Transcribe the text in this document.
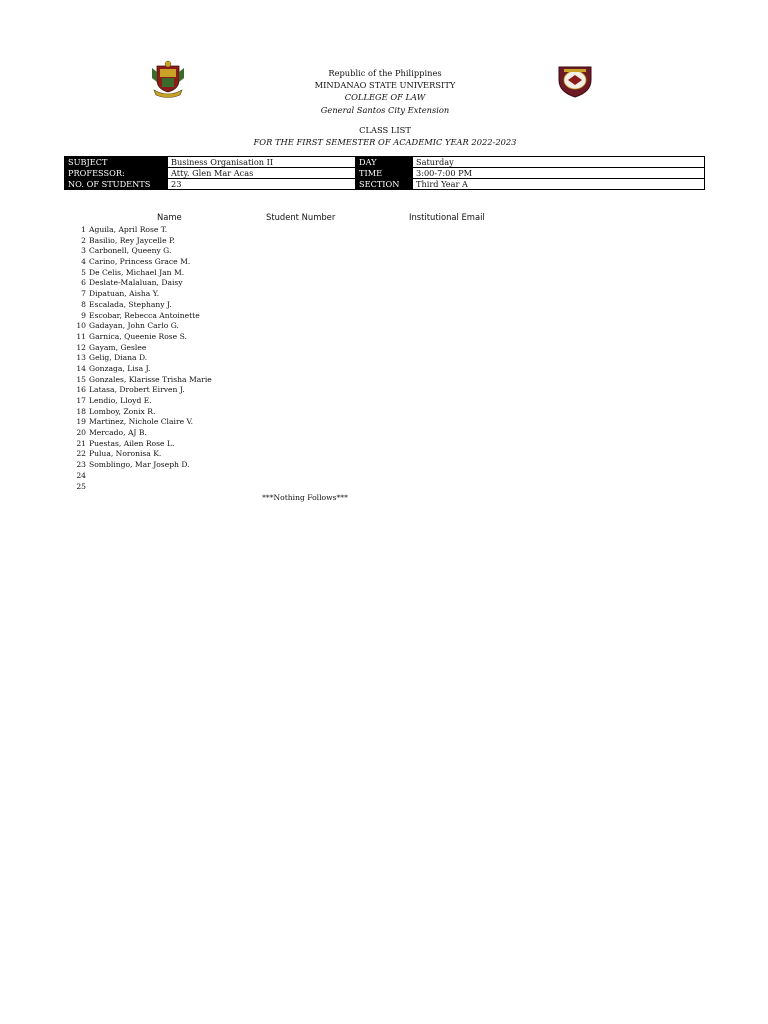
Republic of the Philippines
MINDANAO STATE UNIVERSITY
COLLEGE OF LAW
General Santos City Extension
CLASS LIST
FOR THE FIRST SEMESTER OF ACADEMIC YEAR 2022-2023
SUBJECT	Business Organisation II	DAY	Saturday
PROFESSOR:	Atty. Glen Mar Acas	TIME	3:00-7:00 PM
NO. OF STUDENTS	23	SECTION	Third Year A
Name	Student Number	Institutional Email
1 Aguila, April Rose T.
2 Basilio, Rey Jaycelle P.
3 Carbonell, Queeny G.
4 Carino, Princess Grace M.
5 De Celis, Michael Jan M.
6 Deslate-Malaluan, Daisy
7 Dipatuan, Aisha Y.
8 Escalada, Stephany J.
9 Escobar, Rebecca Antoinette
10 Gadayan, John Carlo G.
11 Garnica, Queenie Rose S.
12 Gayam, Geslee
13 Gelig, Diana D.
14 Gonzaga, Lisa J.
15 Gonzales, Klarisse Trisha Marie
16 Latasa, Drobert Eirven J.
17 Lendio, Lloyd E.
18 Lomboy, Zonix R.
19 Martinez, Nichole Claire V.
20 Mercado, AJ B.
21 Puestas, Ailen Rose L.
22 Pulua, Noronisa K.
23 Somblingo, Mar Joseph D.
24
25
***Nothing Follows***
